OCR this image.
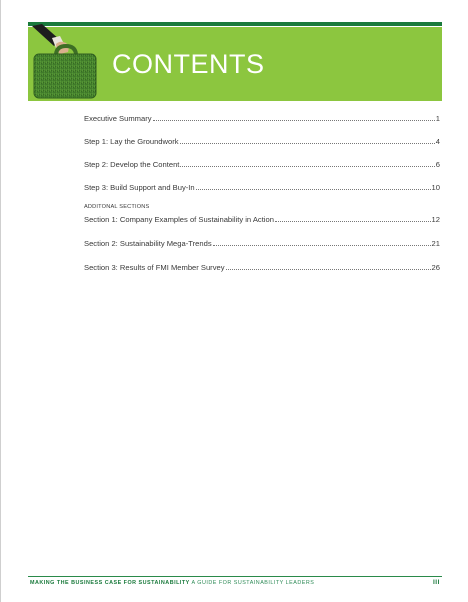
CONTENTS
Executive Summary	1
Step 1: Lay the Groundwork	4
Step 2: Develop the Content	6
Step 3: Build Support and Buy-In	10
ADDITONAL SECTIONS
Section 1: Company Examples of Sustainability in Action	12
Section 2: Sustainability Mega-Trends	21
Section 3: Results of FMI Member Survey	26
MAKING THE BUSINESS CASE FOR SUSTAINABILITY A GUIDE FOR SUSTAINABILITY LEADERS	III
